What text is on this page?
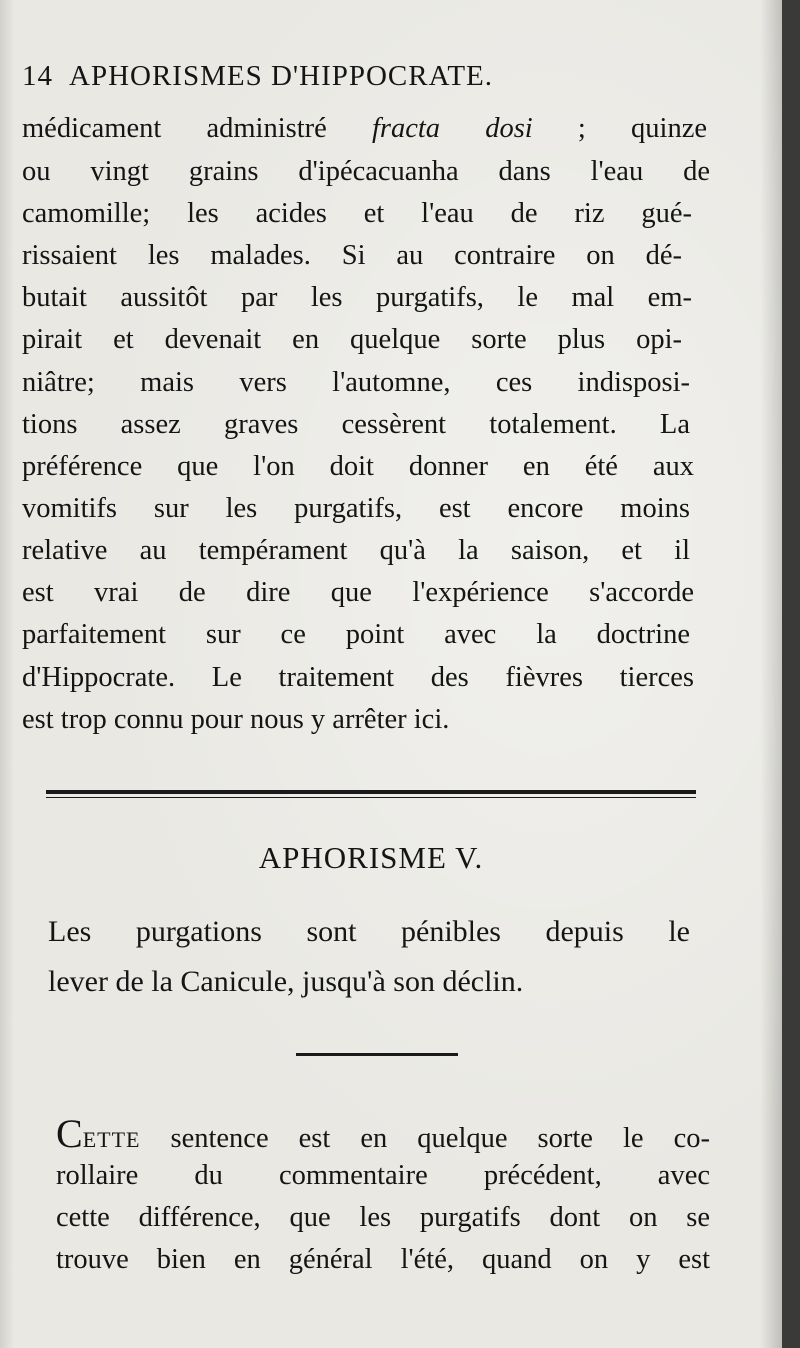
14 APHORISMES D'HIPPOCRATE.
médicament administré fracta dosi ; quinze
ou vingt grains d'ipécacuanha dans l'eau de
camomille; les acides et l'eau de riz gué-
rissaient les malades. Si au contraire on dé-
butait aussitôt par les purgatifs, le mal em-
pirait et devenait en quelque sorte plus opi-
niâtre; mais vers l'automne, ces indisposi-
tions assez graves cessèrent totalement. La
préférence que l'on doit donner en été aux
vomitifs sur les purgatifs, est encore moins
relative au tempérament qu'à la saison, et il
est vrai de dire que l'expérience s'accorde
parfaitement sur ce point avec la doctrine
d'Hippocrate. Le traitement des fièvres tierces
est trop connu pour nous y arrêter ici.
APHORISME V.
Les purgations sont pénibles depuis le
lever de la Canicule, jusqu'à son déclin.
CETTE sentence est en quelque sorte le co-
rollaire du commentaire précédent, avec
cette différence, que les purgatifs dont on se
trouve bien en général l'été, quand on y est
